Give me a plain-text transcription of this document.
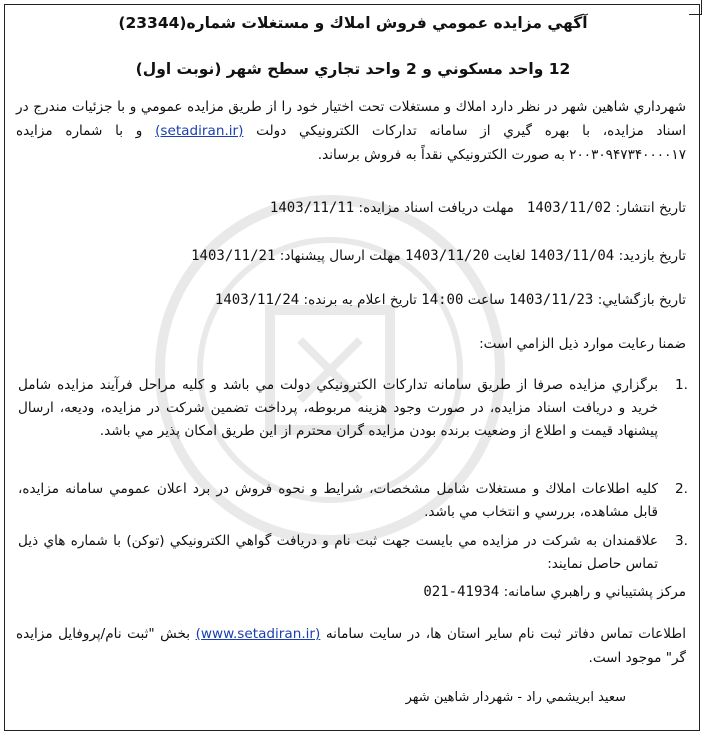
آگهي مزايده عمومي فروش املاك و مستغلات شماره(23344)
12 واحد مسكوني و 2 واحد تجاري سطح شهر (نوبت اول)
شهرداري شاهين شهر در نظر دارد املاك و مستغلات تحت اختيار خود را از طريق مزايده عمومي و با جزئيات مندرج در اسناد مزايده، با بهره گيري از سامانه تداركات الكترونيكي دولت (setadiran.ir) و با شماره مزايده ۲۰۰۳۰۹۴۷۳۴۰۰۰۰۱۷ به صورت الكترونيكي نقداً به فروش برساند.
تاريخ انتشار: 1403/11/02   مهلت دريافت اسناد مزايده: 1403/11/11
تاريخ بازديد: 1403/11/04 لغايت 1403/11/20 مهلت ارسال پيشنهاد: 1403/11/21
تاريخ بازگشايي: 1403/11/23 ساعت 14:00 تاريخ اعلام به برنده: 1403/11/24
ضمنا رعايت موارد ذيل الزامي است:
1.
برگزاري مزايده صرفا از طريق سامانه تداركات الكترونيكي دولت مي باشد و كليه مراحل فرآيند مزايده شامل خريد و دريافت اسناد مزايده، در صورت وجود هزينه مربوطه، پرداخت تضمين شركت در مزايده، وديعه، ارسال پيشنهاد قيمت و اطلاع از وضعيت برنده بودن مزايده گران محترم از اين طريق امكان پذير مي باشد.
2.
كليه اطلاعات املاك و مستغلات شامل مشخصات، شرايط و نحوه فروش در برد اعلان عمومي سامانه مزايده، قابل مشاهده، بررسي و انتخاب مي باشد.
3.
علاقمندان به شركت در مزايده مي بايست جهت ثبت نام و دريافت گواهي الكترونيكي (توكن) با شماره هاي ذيل تماس حاصل نمايند:
مركز پشتيباني و راهبري سامانه: 021-41934
اطلاعات تماس دفاتر ثبت نام ساير استان ها، در سايت سامانه (www.setadiran.ir) بخش "ثبت نام/پروفايل مزايده گر" موجود است.
سعيد ابريشمي راد - شهردار شاهين شهر
